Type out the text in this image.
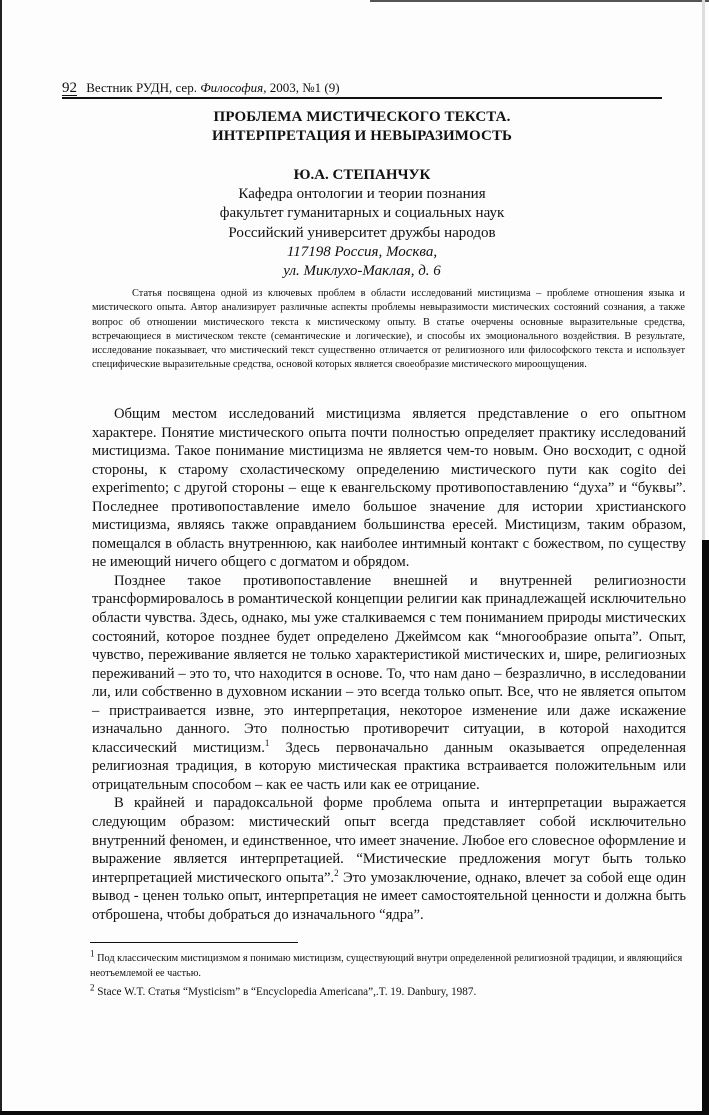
92 Вестник РУДН, сер. Философия, 2003, №1 (9)
ПРОБЛЕМА МИСТИЧЕСКОГО ТЕКСТА.
ИНТЕРПРЕТАЦИЯ И НЕВЫРАЗИМОСТЬ
Ю.А. СТЕПАНЧУК
Кафедра онтологии и теории познания
факультет гуманитарных и социальных наук
Российский университет дружбы народов
117198 Россия, Москва,
ул. Миклухо-Маклая, д. 6

Статья посвящена одной из ключевых проблем в области исследований мистицизма – проблеме отношения языка и мистического опыта. Автор анализирует различные аспекты проблемы невыразимости мистических состояний сознания, а также вопрос об отношении мистического текста к мистическому опыту. В статье очерчены основные выразительные средства, встречающиеся в мистическом тексте (семантические и логические), и способы их эмоционального воздействия. В результате, исследование показывает, что мистический текст существенно отличается от религиозного или философского текста и использует специфические выразительные средства, основой которых является своеобразие мистического мироощущения.

Общим местом исследований мистицизма является представление о его опытном характере. Понятие мистического опыта почти полностью определяет практику исследований мистицизма. Такое понимание мистицизма не является чем-то новым. Оно восходит, с одной стороны, к старому схоластическому определению мистического пути как cogito dei experimento; с другой стороны – еще к евангельскому противопоставлению “духа” и “буквы”. Последнее противопоставление имело большое значение для истории христианского мистицизма, являясь также оправданием большинства ересей. Мистицизм, таким образом, помещался в область внутреннюю, как наиболее интимный контакт с божеством, по существу не имеющий ничего общего с догматом и обрядом.

Позднее такое противопоставление внешней и внутренней религиозности трансформировалось в романтической концепции религии как принадлежащей исключительно области чувства. Здесь, однако, мы уже сталкиваемся с тем пониманием природы мистических состояний, которое позднее будет определено Джеймсом как “многообразие опыта”. Опыт, чувство, переживание является не только характеристикой мистических и, шире, религиозных переживаний – это то, что находится в основе. То, что нам дано – безразлично, в исследовании ли, или собственно в духовном искании – это всегда только опыт. Все, что не является опытом – пристраивается извне, это интерпретация, некоторое изменение или даже искажение изначально данного. Это полностью противоречит ситуации, в которой находится классический мистицизм.$^1$ Здесь первоначально данным оказывается определенная религиозная традиция, в которую мистическая практика встраивается положительным или отрицательным способом – как ее часть или как ее отрицание.

В крайней и парадоксальной форме проблема опыта и интерпретации выражается следующим образом: мистический опыт всегда представляет собой исключительно внутренний феномен, и единственное, что имеет значение. Любое его словесное оформление и выражение является интерпретацией. “Мистические предложения могут быть только интерпретацией мистического опыта”.$^2$ Это умозаключение, однако, влечет за собой еще один вывод - ценен только опыт, интерпретация не имеет самостоятельной ценности и должна быть отброшена, чтобы добраться до изначального “ядра”.

$^1$ Под классическим мистицизмом я понимаю мистицизм, существующий внутри определенной религиозной традиции, и являющийся неотъемлемой ее частью.

$^2$ Stace W.T. Статья “Mysticism” в “Encyclopedia Americana”,.T. 19. Danbury, 1987.
